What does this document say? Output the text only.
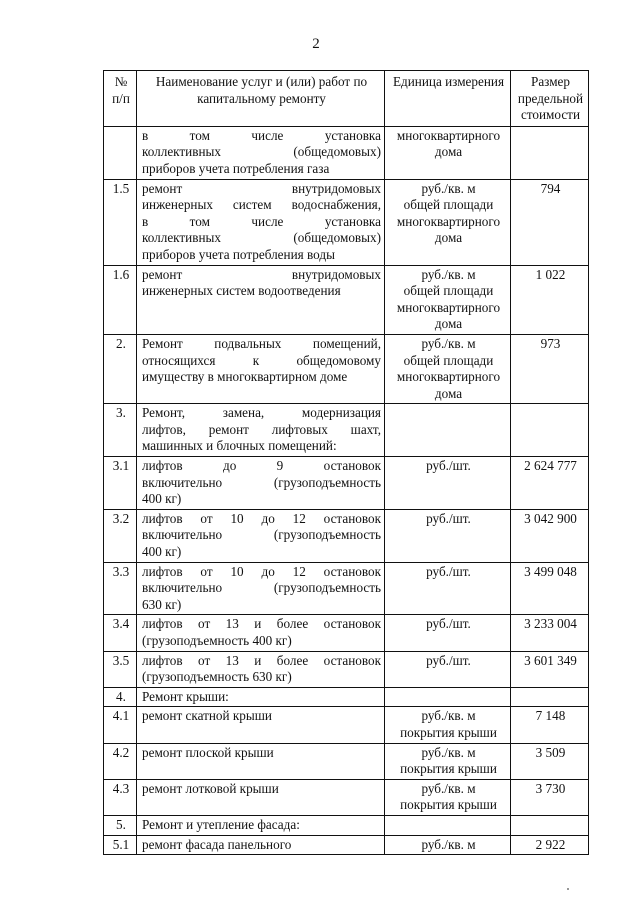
2
№ п/п	Наименование услуг и (или) работ по капитальному ремонту	Единица измерения	Размер предельной стоимости

	в том числе установка
коллективных (общедомовых)
приборов учета потребления газа	многоквартирного
дома	

1.5	ремонт внутридомовых
инженерных систем водоснабжения,
в том числе установка
коллективных (общедомовых)
приборов учета потребления воды	руб./кв. м
общей площади
многоквартирного
дома	794
1.6	ремонт внутридомовых
инженерных систем водоотведения	руб./кв. м
общей площади
многоквартирного
дома	1 022
2.	Ремонт подвальных помещений,
относящихся к общедомовому
имуществу в многоквартирном доме	руб./кв. м
общей площади
многоквартирного
дома	973
3.	Ремонт, замена, модернизация
лифтов, ремонт лифтовых шахт,
машинных и блочных помещений:		

3.1	лифтов до 9 остановок
включительно (грузоподъемность
400 кг)	руб./шт.	2 624 777
3.2	лифтов от 10 до 12 остановок
включительно (грузоподъемность
400 кг)	руб./шт.	3 042 900
3.3	лифтов от 10 до 12 остановок
включительно (грузоподъемность
630 кг)	руб./шт.	3 499 048
3.4	лифтов от 13 и более остановок
(грузоподъемность 400 кг)	руб./шт.	3 233 004
3.5	лифтов от 13 и более остановок
(грузоподъемность 630 кг)	руб./шт.	3 601 349
4.	Ремонт крыши:		

4.1	ремонт скатной крыши	руб./кв. м
покрытия крыши	7 148
4.2	ремонт плоской крыши	руб./кв. м
покрытия крыши	3 509
4.3	ремонт лотковой крыши	руб./кв. м
покрытия крыши	3 730
5.	Ремонт и утепление фасада:		

5.1	ремонт фасада панельного	руб./кв. м	2 922
